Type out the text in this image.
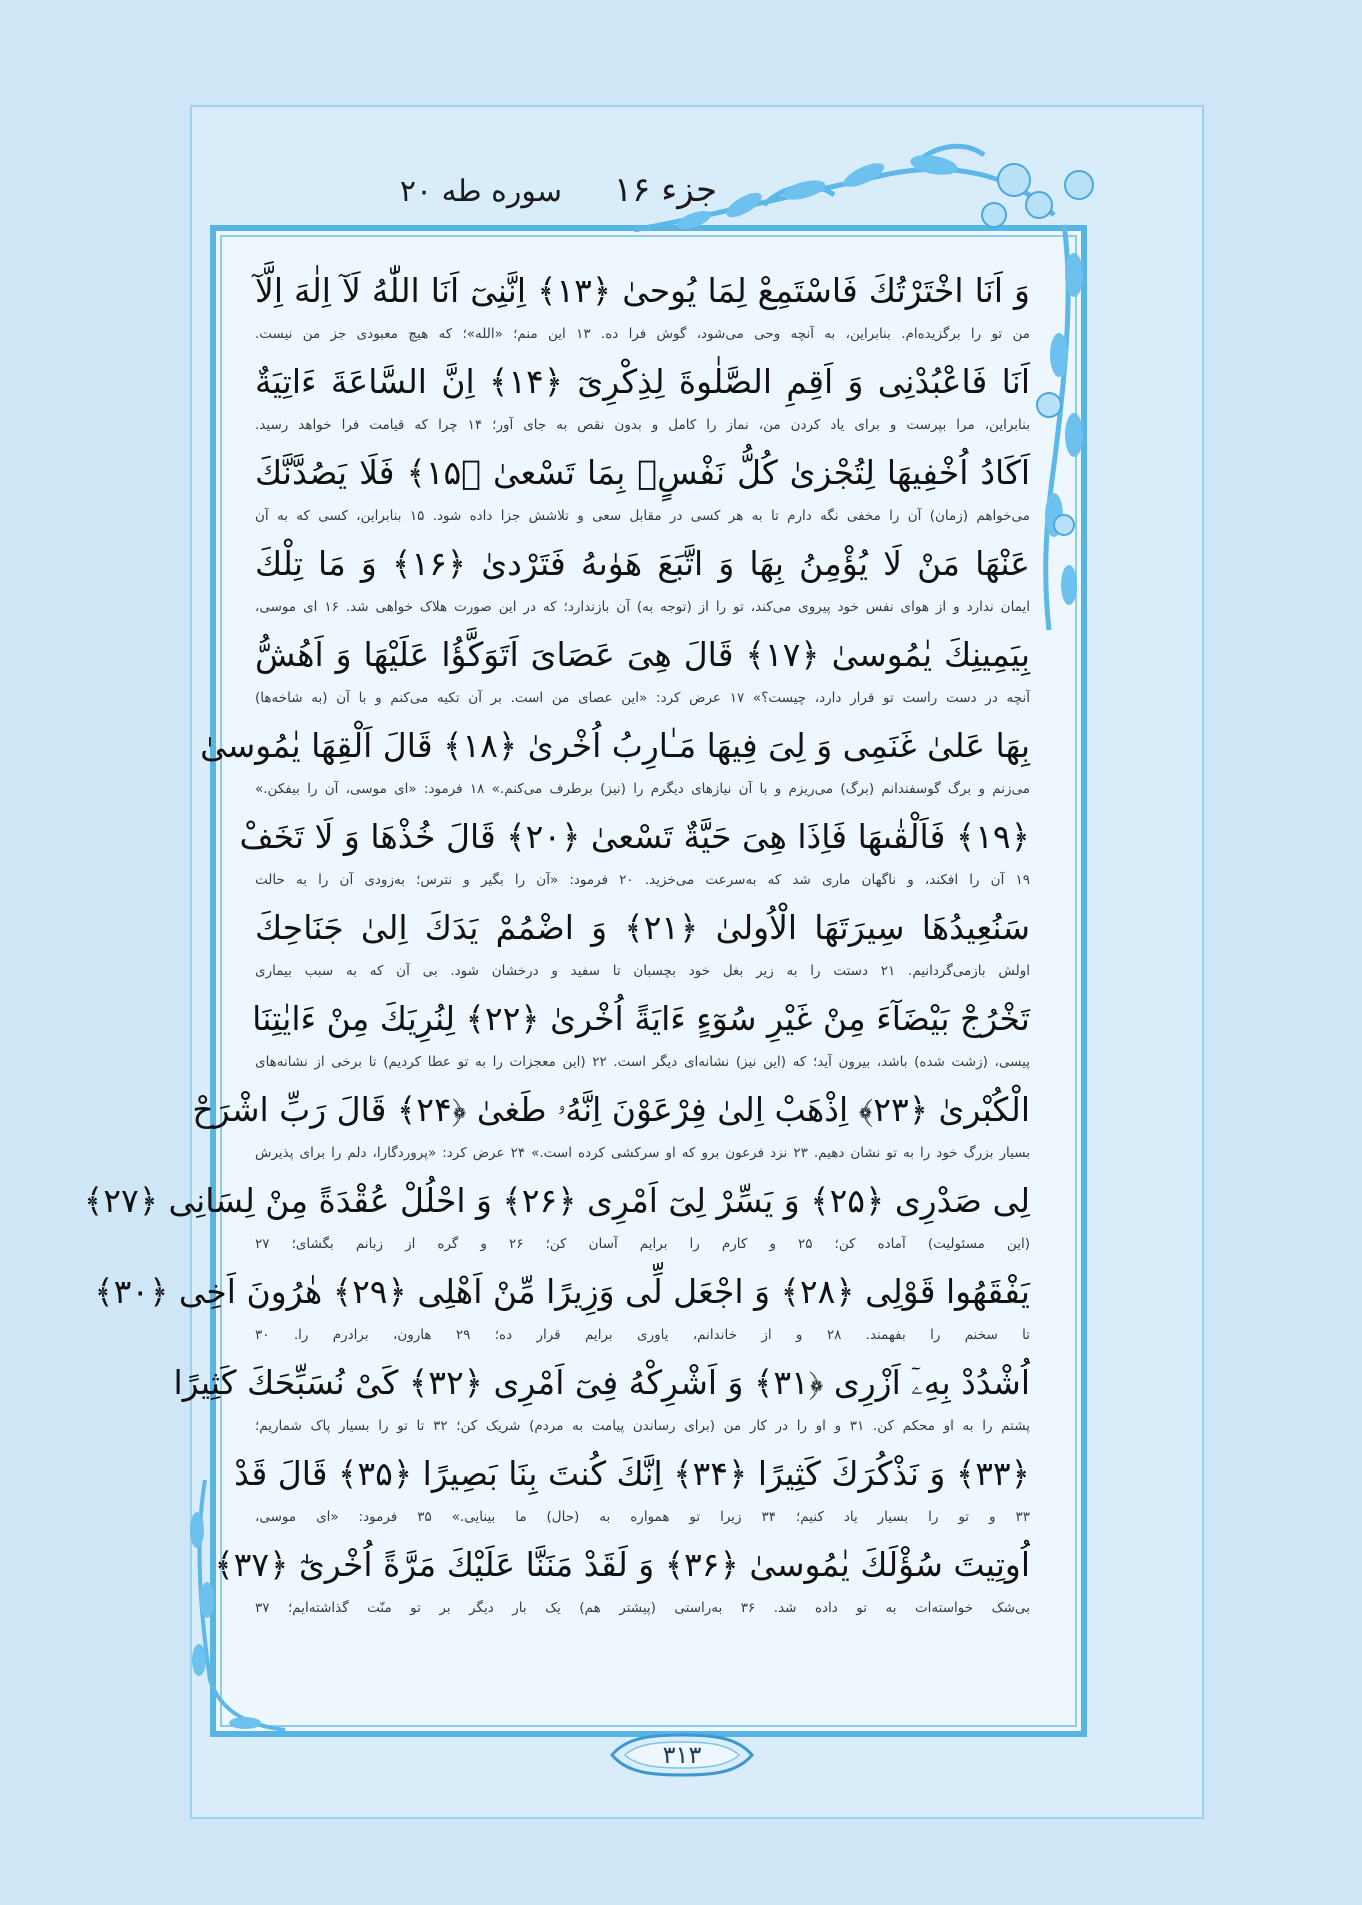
جزء ۱۶
سوره طه ۲۰
وَ اَنَا اخْتَرْتُكَ فَاسْتَمِعْ لِمَا يُوحىٰ ﴿۱۳﴾ اِنَّنِىٓ اَنَا اللّٰهُ لَآ اِلٰهَ اِلَّآ
من تو را برگزیده‌ام. بنابراین، به آنچه وحی می‌شود، گوش فرا ده. ۱۳ این منم؛ «الله»؛ که هیچ معبودی جز من نیست.
اَنَا فَاعْبُدْنِى وَ اَقِمِ الصَّلٰوةَ لِذِكْرِىٓ ﴿۱۴﴾ اِنَّ السَّاعَةَ ءَاتِيَةٌ
بنابراین، مرا بپرست و برای یاد کردن من، نماز را کامل و بدون نقص به جای آور؛ ۱۴ چرا که قیامت فرا خواهد رسید.
اَكَادُ اُخْفِيهَا لِتُجْزىٰ كُلُّ نَفْسٍۭ بِمَا تَسْعىٰ ﴿۱۵﴾ فَلَا يَصُدَّنَّكَ
می‌خواهم (زمان) آن را مخفی نگه دارم تا به هر کسی در مقابل سعی و تلاشش جزا داده شود. ۱۵ بنابراین، کسی که به آن
عَنْهَا مَنْ لَا يُؤْمِنُ بِهَا وَ اتَّبَعَ هَوٰىهُ فَتَرْدىٰ ﴿۱۶﴾ وَ مَا تِلْكَ
ایمان ندارد و از هوای نفس خود پیروی می‌کند، تو را از (توجه به) آن بازندارد؛ که در این صورت هلاک خواهی شد. ۱۶ ای موسی،
بِيَمِينِكَ يٰمُوسىٰ ﴿۱۷﴾ قَالَ هِىَ عَصَاىَ اَتَوَكَّؤُا عَلَيْهَا وَ اَهُشُّ
آنچه در دست راست تو قرار دارد، چیست؟» ۱۷ عرض کرد: «این عصای من است. بر آن تکیه می‌کنم و با آن (به شاخه‌ها)
بِهَا عَلىٰ غَنَمِى وَ لِىَ فِيهَا مَـٰارِبُ اُخْرىٰ ﴿۱۸﴾ قَالَ اَلْقِهَا يٰمُوسىٰ
می‌زنم و برگ گوسفندانم (برگ) می‌ریزم و با آن نیازهای دیگرم را (نیز) برطرف می‌کنم.» ۱۸ فرمود: «ای موسی، آن را بیفکن.»
﴿۱۹﴾ فَاَلْقٰىهَا فَاِذَا هِىَ حَيَّةٌ تَسْعىٰ ﴿۲۰﴾ قَالَ خُذْهَا وَ لَا تَخَفْ
۱۹ آن را افکند، و ناگهان ماری شد که به‌سرعت می‌خزید. ۲۰ فرمود: «آن را بگیر و نترس؛ به‌زودی آن را به حالت
سَنُعِيدُهَا سِيرَتَهَا الْاُولىٰ ﴿۲۱﴾ وَ اضْمُمْ يَدَكَ اِلىٰ جَنَاحِكَ
اولش بازمی‌گردانیم. ۲۱ دستت را به زیر بغل خود بچسبان تا سفید و درخشان شود. بی آن که به سبب بیماری
تَخْرُجْ بَيْضَآءَ مِنْ غَيْرِ سُوٓءٍ ءَايَةً اُخْرىٰ ﴿۲۲﴾ لِنُرِيَكَ مِنْ ءَايٰتِنَا
پیسی، (زشت شده) باشد، بیرون آید؛ که (این نیز) نشانه‌ای دیگر است. ۲۲ (این معجزات را به تو عطا کردیم) تا برخی از نشانه‌های
الْكُبْرىٰ ﴿۲۳﴾ اِذْهَبْ اِلىٰ فِرْعَوْنَ اِنَّهُۥ طَغىٰ ﴿۲۴﴾ قَالَ رَبِّ اشْرَحْ
بسیار بزرگ خود را به تو نشان دهیم. ۲۳ نزد فرعون برو که او سرکشی کرده است.» ۲۴ عرض کرد: «پروردگارا، دلم را برای پذیرش
لِى صَدْرِى ﴿۲۵﴾ وَ يَسِّرْ لِىٓ اَمْرِى ﴿۲۶﴾ وَ احْلُلْ عُقْدَةً مِنْ لِسَانِى ﴿۲۷﴾
(این مسئولیت) آماده کن؛ ۲۵ و کارم را برایم آسان کن؛ ۲۶ و گره از زبانم بگشای؛ ۲۷
يَفْقَهُوا قَوْلِى ﴿۲۸﴾ وَ اجْعَل لِّى وَزِيرًا مِّنْ اَهْلِى ﴿۲۹﴾ هٰرُونَ اَخِى ﴿۳۰﴾
تا سخنم را بفهمند. ۲۸ و از خاندانم، یاوری برایم قرار ده؛ ۲۹ هارون، برادرم را. ۳۰
اُشْدُدْ بِهِۦٓ اَزْرِى ﴿۳۱﴾ وَ اَشْرِكْهُ فِىٓ اَمْرِى ﴿۳۲﴾ كَىْ نُسَبِّحَكَ كَثِيرًا
پشتم را به او محکم کن. ۳۱ و او را در کار من (برای رساندن پیامت به مردم) شریک کن؛ ۳۲ تا تو را بسیار پاک شماریم؛
﴿۳۳﴾ وَ نَذْكُرَكَ كَثِيرًا ﴿۳۴﴾ اِنَّكَ كُنتَ بِنَا بَصِيرًا ﴿۳۵﴾ قَالَ قَدْ
۳۳ و تو را بسیار یاد کنیم؛ ۳۴ زیرا تو همواره به (حال) ما بینایی.» ۳۵ فرمود: «ای موسی،
اُوتِيتَ سُؤْلَكَ يٰمُوسىٰ ﴿۳۶﴾ وَ لَقَدْ مَنَنَّا عَلَيْكَ مَرَّةً اُخْرىٰٓ ﴿۳۷﴾
بی‌شک خواسته‌ات به تو داده شد. ۳۶ به‌راستی (پیشتر هم) یک بار دیگر بر تو منّت گذاشته‌ایم؛ ۳۷
۳۱۳
